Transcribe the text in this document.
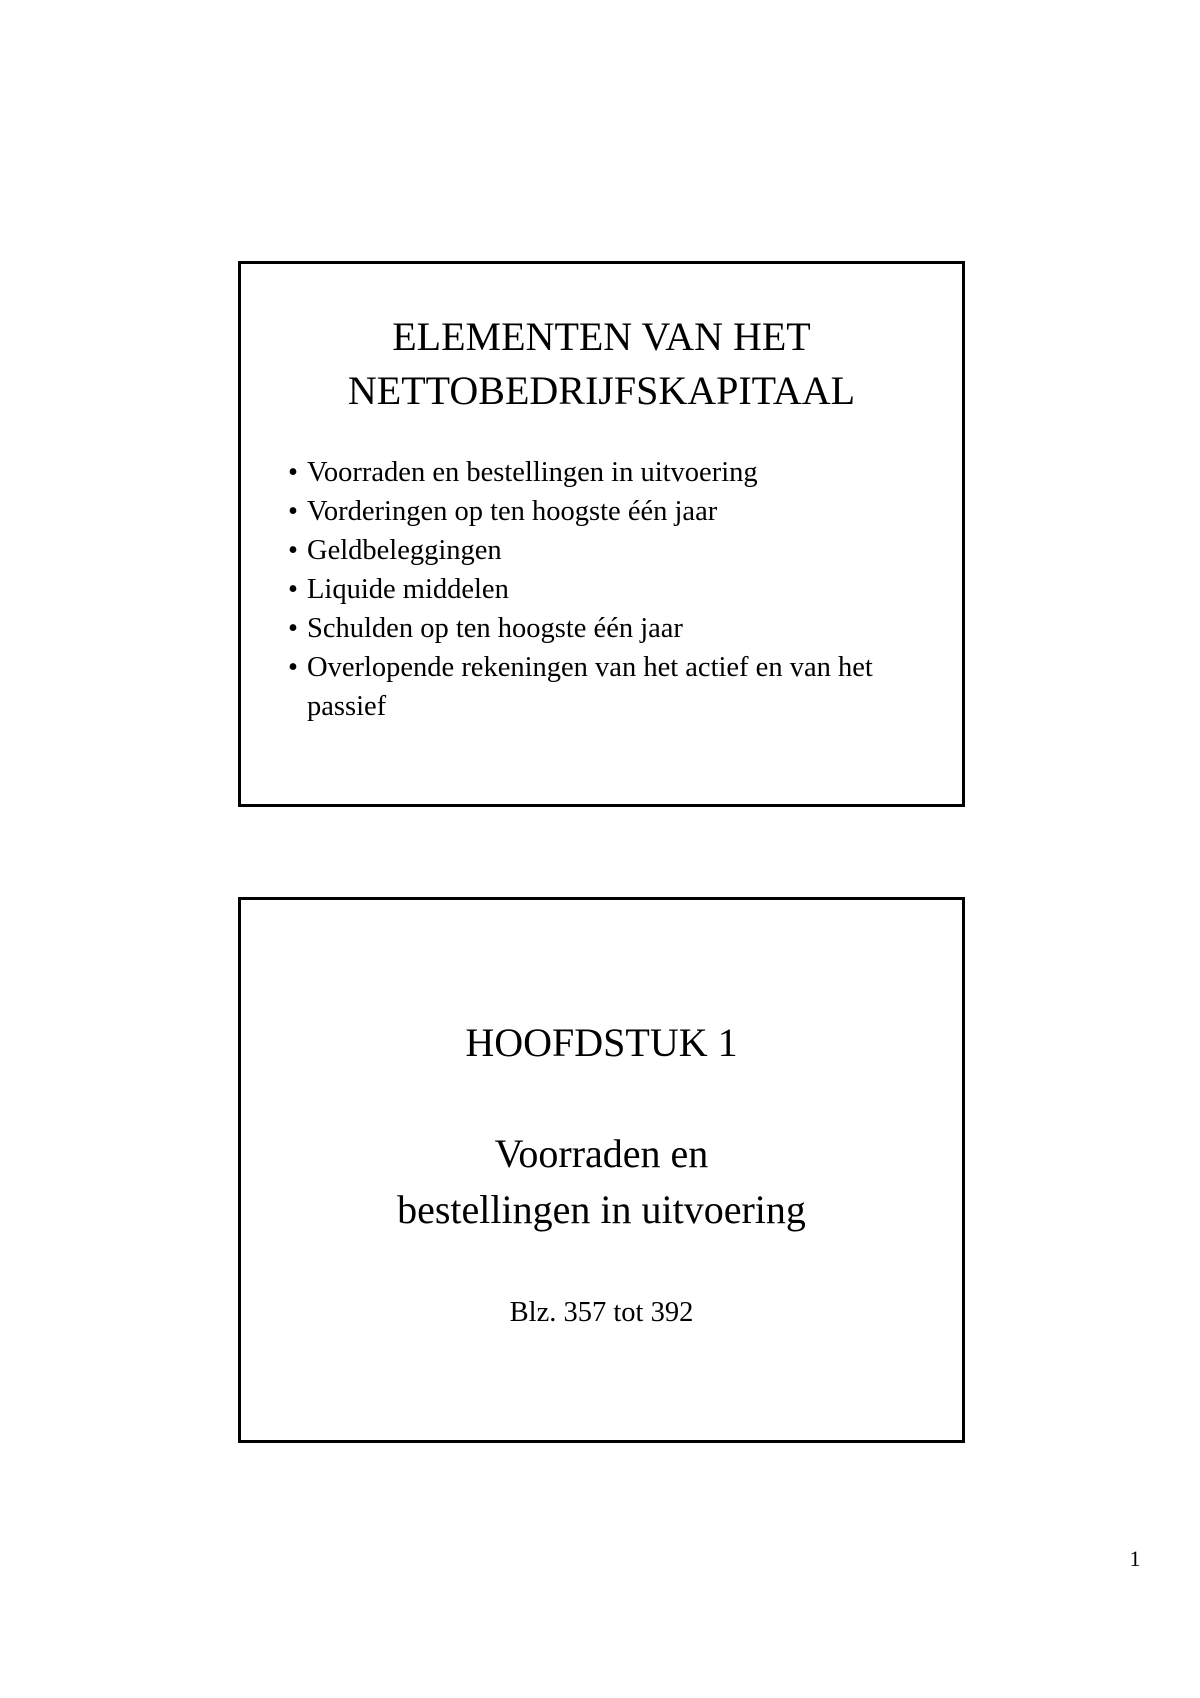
ELEMENTEN VAN HET
NETTOBEDRIJFSKAPITAAL
• Voorraden en bestellingen in uitvoering
• Vorderingen op ten hoogste één jaar
• Geldbeleggingen
• Liquide middelen
• Schulden op ten hoogste één jaar
• Overlopende rekeningen van het actief en van het passief
HOOFDSTUK 1
Voorraden en
bestellingen in uitvoering
Blz. 357 tot 392
1
